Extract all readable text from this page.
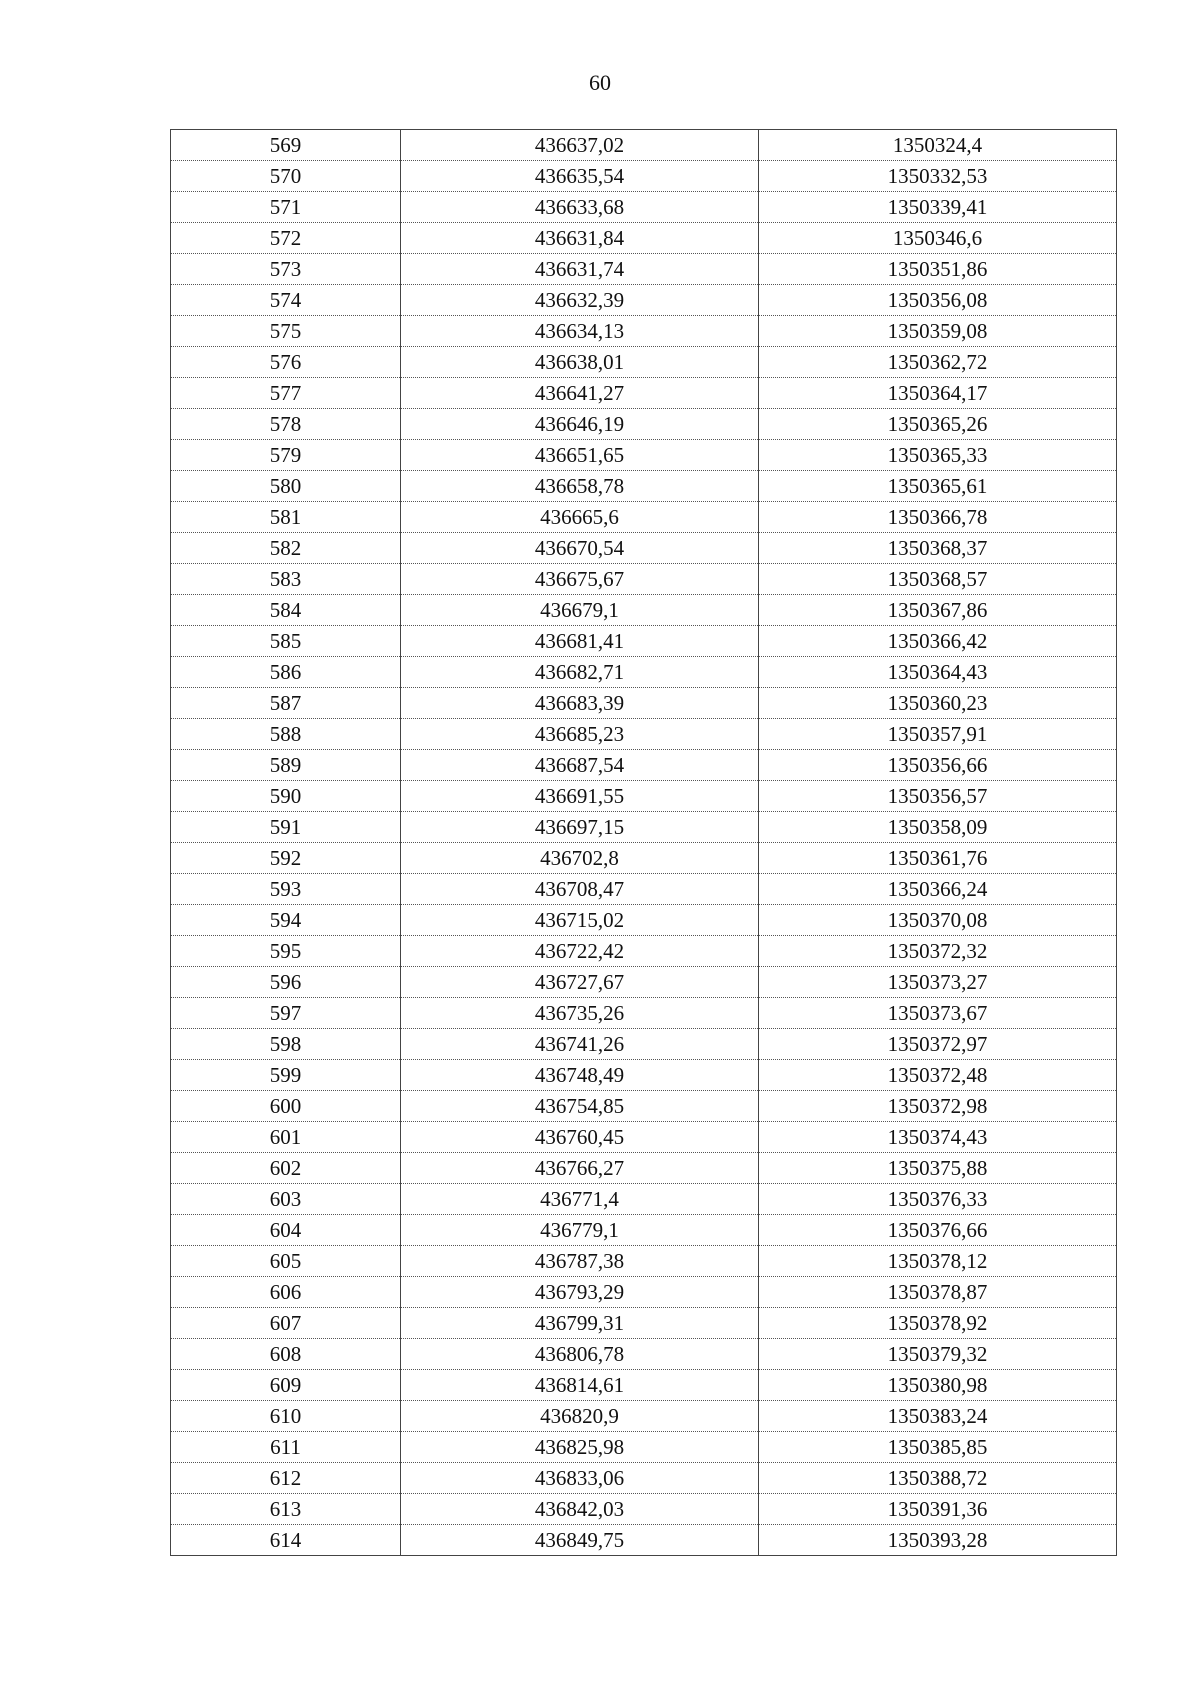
60
569	436637,02	1350324,4
570	436635,54	1350332,53
571	436633,68	1350339,41
572	436631,84	1350346,6
573	436631,74	1350351,86
574	436632,39	1350356,08
575	436634,13	1350359,08
576	436638,01	1350362,72
577	436641,27	1350364,17
578	436646,19	1350365,26
579	436651,65	1350365,33
580	436658,78	1350365,61
581	436665,6	1350366,78
582	436670,54	1350368,37
583	436675,67	1350368,57
584	436679,1	1350367,86
585	436681,41	1350366,42
586	436682,71	1350364,43
587	436683,39	1350360,23
588	436685,23	1350357,91
589	436687,54	1350356,66
590	436691,55	1350356,57
591	436697,15	1350358,09
592	436702,8	1350361,76
593	436708,47	1350366,24
594	436715,02	1350370,08
595	436722,42	1350372,32
596	436727,67	1350373,27
597	436735,26	1350373,67
598	436741,26	1350372,97
599	436748,49	1350372,48
600	436754,85	1350372,98
601	436760,45	1350374,43
602	436766,27	1350375,88
603	436771,4	1350376,33
604	436779,1	1350376,66
605	436787,38	1350378,12
606	436793,29	1350378,87
607	436799,31	1350378,92
608	436806,78	1350379,32
609	436814,61	1350380,98
610	436820,9	1350383,24
611	436825,98	1350385,85
612	436833,06	1350388,72
613	436842,03	1350391,36
614	436849,75	1350393,28
